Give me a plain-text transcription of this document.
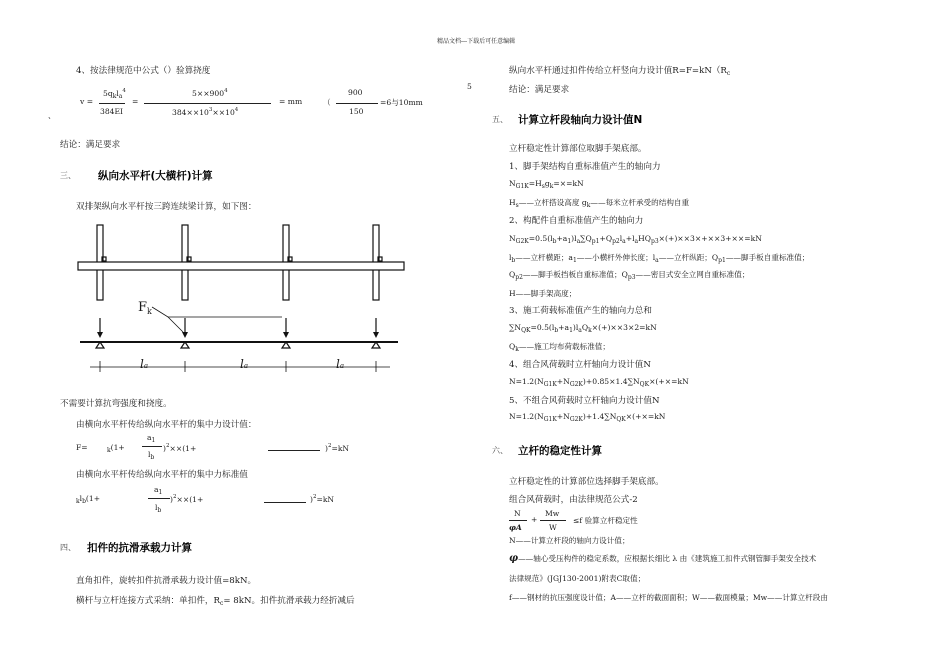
精品文档---下载后可任意编辑
5
4、按法律规范中公式（）验算挠度
v =
$5q_kl_a^4$
384EI
=
$5\times\times 900^4$
$384\times\times 10^3\times\times 10^4$
= mm	（
900
150
=6与10mm
、
结论：满足要求
三、 纵向水平杆(大横杆)计算
双排架纵向水平杆按三跨连续梁计算，如下图：
$F_k$
la	la	la
不需要计算抗弯强度和挠度。
由横向水平杆传给纵向水平杆的集中力设计值：
F=	$_k$(1+
$a_1$
$l_b$
)$^2$××(1+	)$^2$=kN
由横向水平杆传给纵向水平杆的集中力标准值
$_kl_b(1+$
$a_1$
$l_b$
)$^2$××(1+	)$^2$=kN
四、 扣件的抗滑承载力计算
直角扣件，旋转扣件抗滑承载力设计值=8kN。
横杆与立杆连接方式采纳：单扣件，$R_c= 8kN$。扣件抗滑承载力经折减后
纵向水平杆通过扣件传给立杆竖向力设计值$R=F=kN(R_c$
结论：满足要求
五、 计算立杆段轴向力设计值N
立杆稳定性计算部位取脚手架底部。
1、脚手架结构自重标准值产生的轴向力
$N_{G1K}=H_sg_k=\times=kN$
$H_s——$立杆搭设高度 $g_k——$每米立杆承受的结构自重
2、构配件自重标准值产生的轴向力
$N_{G2K}=0.5(l_b+a_1)l_a\sum Q_{p1}+Q_{p2}l_a+l_aHQ_{p3}\times(+)\times\times 3\times+\times\times 3+\times\times=kN$
$l_b——$立杆横距；$a_1——$小横杆外伸长度；$l_a——$立杆纵距；$Q_{p1}——$脚手板自重标准值；
$Q_{p2}——$脚手板挡板自重标准值；$Q_{p3}——$密目式安全立网自重标准值；
H——脚手架高度；
3、施工荷载标准值产生的轴向力总和
$\sum N_{QK}=0.5(l_b+a_1)l_aQ_k\times(+)\times\times 3\times 2=kN$
$Q_k——$施工均布荷载标准值；
4、组合风荷载时立杆轴向力设计值N
$N=1.2(N_{G1K}+N_{G2K})+0.85\times 1.4\sum N_{QK}\times(+\times=kN$
5、不组合风荷载时立杆轴向力设计值N
$N=1.2(N_{G1K}+N_{G2K})+1.4\sum N_{QK}\times(+\times=kN$
六、 立杆的稳定性计算
立杆稳定性的计算部位选择脚手架底部。
组合风荷载时，由法律规范公式-2
N
φA
+
Mw
W
≤f 验算立杆稳定性
N——计算立杆段的轴向力设计值；
φ——轴心受压构件的稳定系数，应根据长细比 λ 由《建筑施工扣件式钢管脚手架安全技术
法律规范》(JGJ130-2001)附表C取值；
f——钢材的抗压强度设计值；A——立杆的截面面积；W——截面模量；Mw——计算立杆段由
